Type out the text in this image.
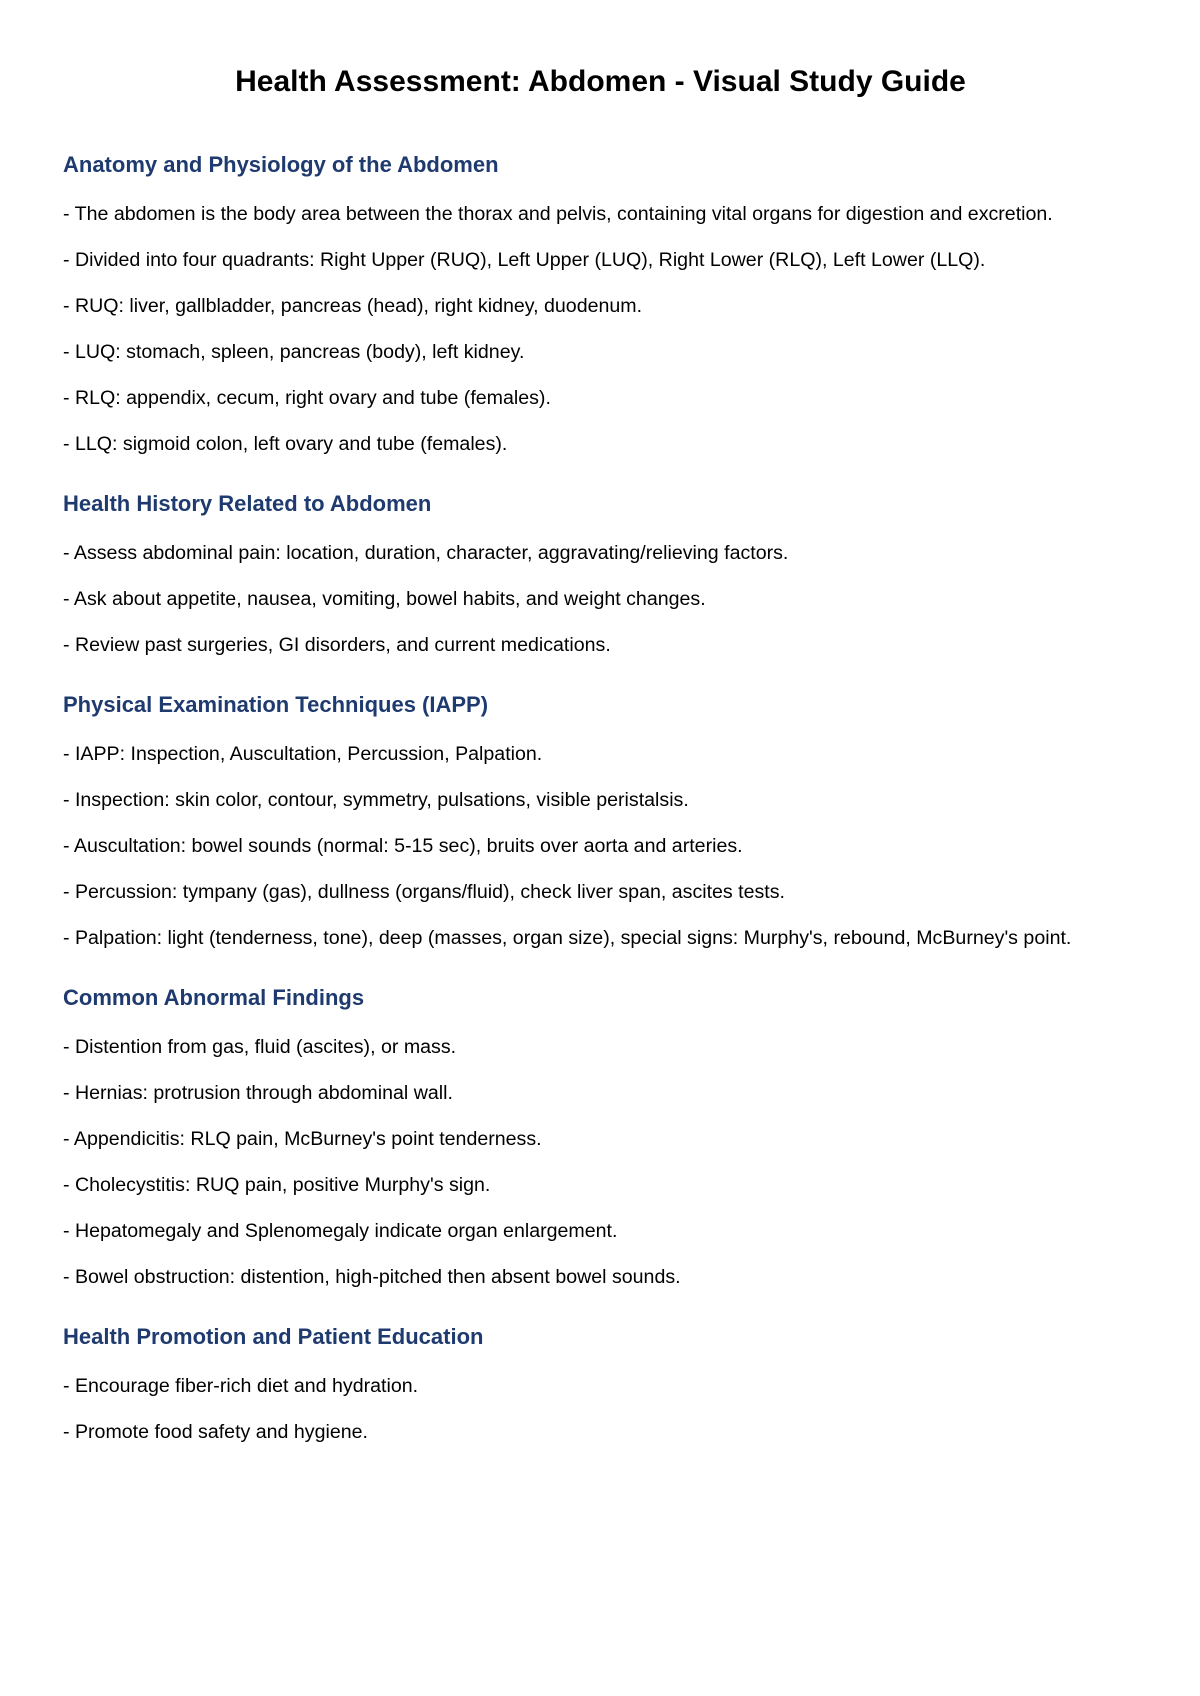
Health Assessment: Abdomen - Visual Study Guide
Anatomy and Physiology of the Abdomen
- The abdomen is the body area between the thorax and pelvis, containing vital organs for digestion and excretion.
- Divided into four quadrants: Right Upper (RUQ), Left Upper (LUQ), Right Lower (RLQ), Left Lower (LLQ).
- RUQ: liver, gallbladder, pancreas (head), right kidney, duodenum.
- LUQ: stomach, spleen, pancreas (body), left kidney.
- RLQ: appendix, cecum, right ovary and tube (females).
- LLQ: sigmoid colon, left ovary and tube (females).
Health History Related to Abdomen
- Assess abdominal pain: location, duration, character, aggravating/relieving factors.
- Ask about appetite, nausea, vomiting, bowel habits, and weight changes.
- Review past surgeries, GI disorders, and current medications.
Physical Examination Techniques (IAPP)
- IAPP: Inspection, Auscultation, Percussion, Palpation.
- Inspection: skin color, contour, symmetry, pulsations, visible peristalsis.
- Auscultation: bowel sounds (normal: 5-15 sec), bruits over aorta and arteries.
- Percussion: tympany (gas), dullness (organs/fluid), check liver span, ascites tests.
- Palpation: light (tenderness, tone), deep (masses, organ size), special signs: Murphy's, rebound, McBurney's point.
Common Abnormal Findings
- Distention from gas, fluid (ascites), or mass.
- Hernias: protrusion through abdominal wall.
- Appendicitis: RLQ pain, McBurney's point tenderness.
- Cholecystitis: RUQ pain, positive Murphy's sign.
- Hepatomegaly and Splenomegaly indicate organ enlargement.
- Bowel obstruction: distention, high-pitched then absent bowel sounds.
Health Promotion and Patient Education
- Encourage fiber-rich diet and hydration.
- Promote food safety and hygiene.
